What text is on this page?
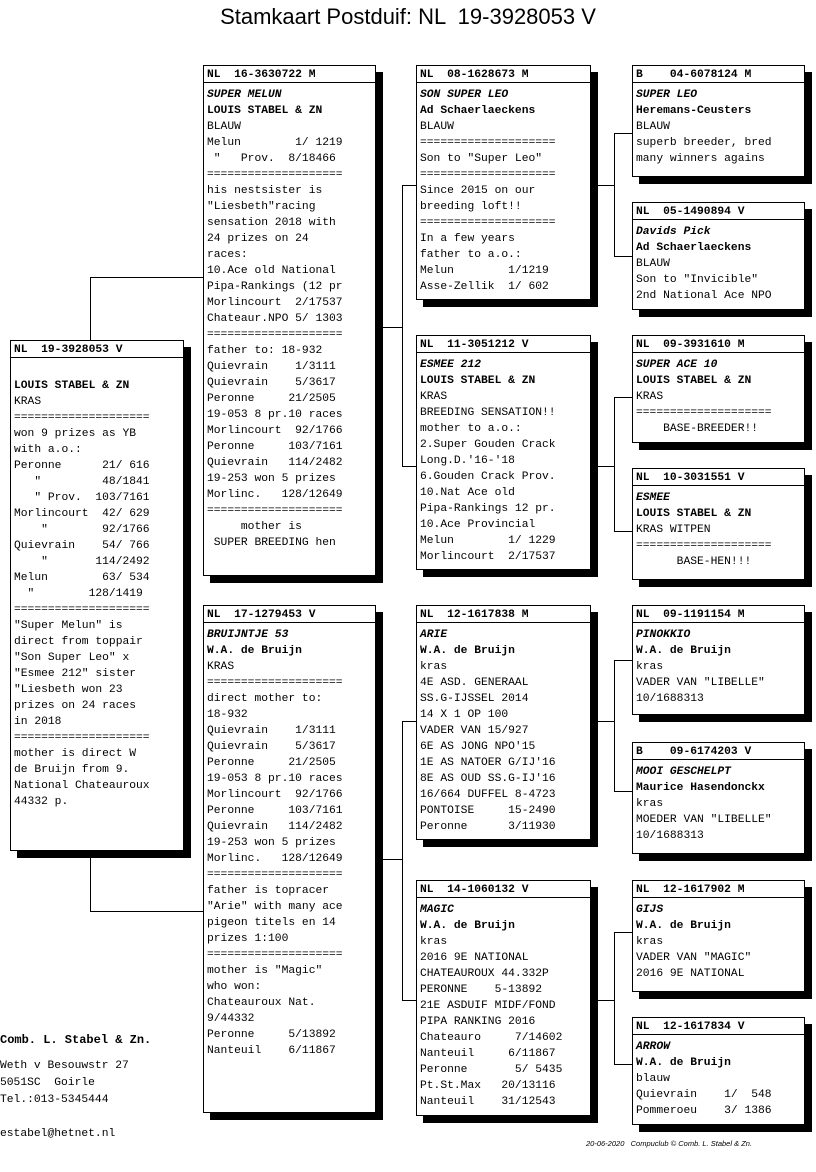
Stamkaart Postduif: NL  19-3928053 V
NL  19-3928053 V
LOUIS STABEL & ZN
KRAS
====================
won 9 prizes as YB
with a.o.:
Peronne      21/ 616
"         48/1841
" Prov.  103/7161
Morlincourt  42/ 629
"        92/1766
Quievrain    54/ 766
"       114/2492
Melun        63/ 534
"        128/1419
====================
"Super Melun" is
direct from toppair
"Son Super Leo" x
"Esmee 212" sister
"Liesbeth won 23
prizes on 24 races
in 2018
====================
mother is direct W
de Bruijn from 9.
National Chateauroux
44332 p.
NL  16-3630722 M
SUPER MELUN
LOUIS STABEL & ZN
BLAUW
Melun        1/ 1219
"   Prov.  8/18466
====================
his nestsister is
"Liesbeth"racing
sensation 2018 with
24 prizes on 24
races:
10.Ace old National
Pipa-Rankings (12 pr
Morlincourt  2/17537
Chateaur.NPO 5/ 1303
====================
father to: 18-932
Quievrain    1/3111
Quievrain    5/3617
Peronne     21/2505
19-053 8 pr.10 races
Morlincourt  92/1766
Peronne     103/7161
Quievrain   114/2482
19-253 won 5 prizes
Morlinc.   128/12649
====================
mother is
SUPER BREEDING hen
NL  17-1279453 V
BRUIJNTJE 53
W.A. de Bruijn
KRAS
====================
direct mother to:
18-932
Quievrain    1/3111
Quievrain    5/3617
Peronne     21/2505
19-053 8 pr.10 races
Morlincourt  92/1766
Peronne     103/7161
Quievrain   114/2482
19-253 won 5 prizes
Morlinc.   128/12649
====================
father is topracer
"Arie" with many ace
pigeon titels en 14
prizes 1:100
====================
mother is "Magic"
who won:
Chateauroux Nat.
9/44332
Peronne     5/13892
Nanteuil    6/11867
NL  08-1628673 M
SON SUPER LEO
Ad Schaerlaeckens
BLAUW
====================
Son to "Super Leo"
====================
Since 2015 on our
breeding loft!!
====================
In a few years
father to a.o.:
Melun        1/1219
Asse-Zellik  1/ 602
NL  11-3051212 V
ESMEE 212
LOUIS STABEL & ZN
KRAS
BREEDING SENSATION!!
mother to a.o.:
2.Super Gouden Crack
Long.D.'16-'18
6.Gouden Crack Prov.
10.Nat Ace old
Pipa-Rankings 12 pr.
10.Ace Provincial
Melun        1/ 1229
Morlincourt  2/17537
NL  12-1617838 M
ARIE
W.A. de Bruijn
kras
4E ASD. GENERAAL
SS.G-IJSSEL 2014
14 X 1 OP 100
VADER VAN 15/927
6E AS JONG NPO'15
1E AS NATOER G/IJ'16
8E AS OUD SS.G-IJ'16
16/664 DUFFEL 8-4723
PONTOISE     15-2490
Peronne      3/11930
NL  14-1060132 V
MAGIC
W.A. de Bruijn
kras
2016 9E NATIONAL
CHATEAUROUX 44.332P
PERONNE    5-13892
21E ASDUIF MIDF/FOND
PIPA RANKING 2016
Chateauro     7/14602
Nanteuil     6/11867
Peronne       5/ 5435
Pt.St.Max   20/13116
Nanteuil    31/12543
B    04-6078124 M
SUPER LEO
Heremans-Ceusters
BLAUW
superb breeder, bred
many winners agains
NL  05-1490894 V
Davids Pick
Ad Schaerlaeckens
BLAUW
Son to "Invicible"
2nd National Ace NPO
NL  09-3931610 M
SUPER ACE 10
LOUIS STABEL & ZN
KRAS
====================
BASE-BREEDER!!
NL  10-3031551 V
ESMEE
LOUIS STABEL & ZN
KRAS WITPEN
====================
BASE-HEN!!!
NL  09-1191154 M
PINOKKIO
W.A. de Bruijn
kras
VADER VAN "LIBELLE"
10/1688313
B    09-6174203 V
MOOI GESCHELPT
Maurice Hasendonckx
kras
MOEDER VAN "LIBELLE"
10/1688313
NL  12-1617902 M
GIJS
W.A. de Bruijn
kras
VADER VAN "MAGIC"
2016 9E NATIONAL
NL  12-1617834 V
ARROW
W.A. de Bruijn
blauw
Quievrain    1/  548
Pommeroeu    3/ 1386
Comb. L. Stabel & Zn.
Weth v Besouwstr 27
5051SC  Goirle
Tel.:013-5345444
estabel@hetnet.nl
20-06-2020   Compuclub © Comb. L. Stabel & Zn.
